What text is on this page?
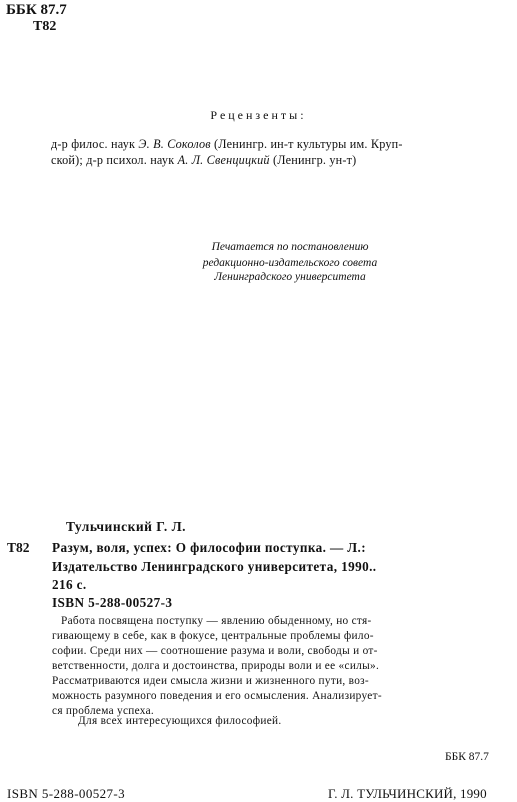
ББК 87.7
Т82
Рецензенты:
д-р филос. наук Э. В. Соколов (Ленингр. ин-т культуры им. Круп-
ской); д-р психол. наук А. Л. Свенцицкий (Ленингр. ун-т)
Печатается по постановлению
редакционно-издательского совета
Ленинградского университета
Тульчинский Г. Л.
Т82 Разум, воля, успех: О философии поступка. — Л.:
Издательство Ленинградского университета, 1990..
216 с.
ISBN 5-288-00527-3
Работа посвящена поступку — явлению обыденному, но стя-
гивающему в себе, как в фокусе, центральные проблемы фило-
софии. Среди них — соотношение разума и воли, свободы и от-
ветственности, долга и достоинства, природы воли и ее «силы».
Рассматриваются идеи смысла жизни и жизненного пути, воз-
можность разумного поведения и его осмысления. Анализирует-
ся проблема успеха.
Для всех интересующихся философией.
ББК 87.7
ISBN 5-288-00527-3	Г. Л. ТУЛЬЧИНСКИЙ, 1990
